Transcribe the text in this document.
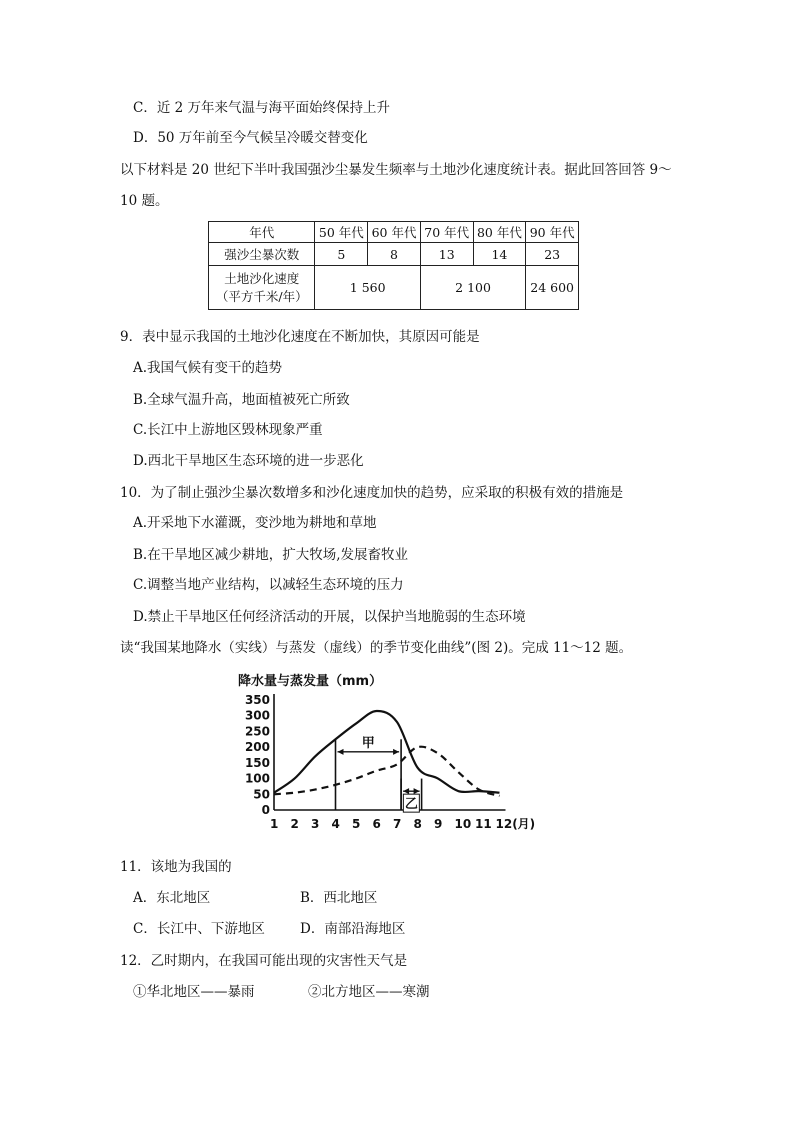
C．近 2 万年来气温与海平面始终保持上升
D．50 万年前至今气候呈冷暖交替变化
以下材料是 20 世纪下半叶我国强沙尘暴发生频率与土地沙化速度统计表。据此回答回答 9～
10 题。
年代	50 年代	60 年代	70 年代	80 年代	90 年代
强沙尘暴次数	5	8	13	14	23

土地沙化速度
（平方千米/年）	1 560		2 100		24 600
9．表中显示我国的土地沙化速度在不断加快，其原因可能是
A.我国气候有变干的趋势
B.全球气温升高，地面植被死亡所致
C.长江中上游地区毁林现象严重
D.西北干旱地区生态环境的进一步恶化
10．为了制止强沙尘暴次数增多和沙化速度加快的趋势，应采取的积极有效的措施是
A.开采地下水灌溉，变沙地为耕地和草地
B.在干旱地区减少耕地，扩大牧场,发展畜牧业
C.调整当地产业结构，以减轻生态环境的压力
D.禁止干旱地区任何经济活动的开展，以保护当地脆弱的生态环境
读“我国某地降水（实线）与蒸发（虚线）的季节变化曲线”(图 2)。完成 11～12 题。
降水量与蒸发量（mm）
0
50
100
150
200
250
300
350
1 2 3 4 5 6 7 8 9 10 11 12(月)
甲
乙
11．该地为我国的
A．东北地区	B．西北地区
C．长江中、下游地区	D．南部沿海地区
12．乙时期内，在我国可能出现的灾害性天气是
①华北地区——暴雨	②北方地区——寒潮
